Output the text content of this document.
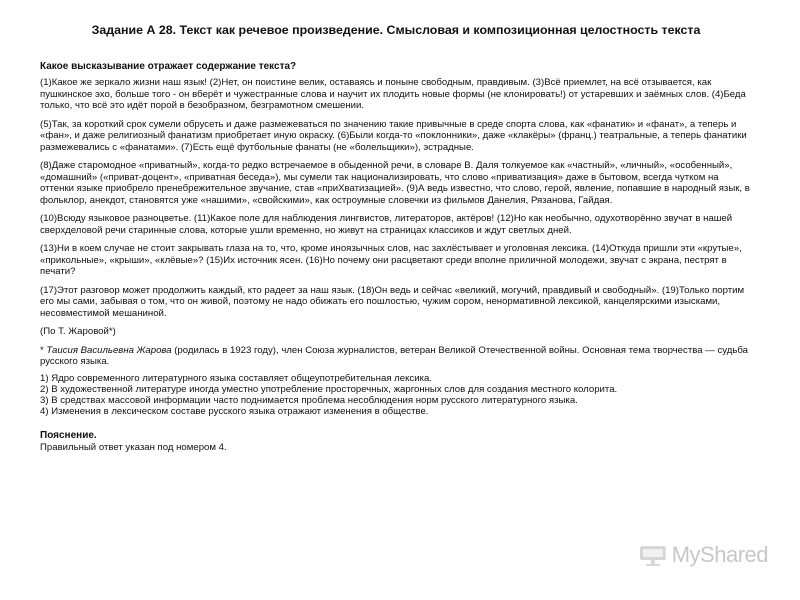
Задание А 28. Текст как речевое произведение. Смысловая и композиционная целостность текста
Какое высказывание отражает содержание текста?
(1)Какое же зеркало жизни наш язык! (2)Нет, он поистине велик, оставаясь и поныне свободным, правдивым. (3)Всё приемлет, на всё отзывается, как пушкинское эхо, больше того - он вберёт и чужестранные слова и научит их плодить новые формы (не клонировать!) от устаревших и заёмных слов. (4)Беда только, что всё это идёт порой в безобразном, безграмотном смешении.
(5)Так, за короткий срок сумели обрусеть и даже размежеваться по значению такие привычные в среде спорта слова, как «фанатик» и «фанат», а теперь и «фан», и даже религиозный фанатизм приобретает иную окраску. (6)Были когда-то «поклонники», даже «клакёры» (франц.) театральные, а теперь фанатики размежевались с «фанатами». (7)Есть ещё футбольные фанаты (не «болельщики»), эстрадные.
(8)Даже старомодное «приватный», когда-то редко встречаемое в обыденной речи, в словаре В. Даля толкуемое как «частный», «личный», «особенный», «домашний» («приват-доцент», «приватная беседа»), мы сумели так национализировать, что слово «приватизация» даже в бытовом, всегда чутком на оттенки языке приобрело пренебрежительное звучание, став «приХватизацией». (9)А ведь известно, что слово, герой, явление, попавшие в народный язык, в фольклор, анекдот, становятся уже «нашими», «свойскими», как остроумные словечки из фильмов Данелия, Рязанова, Гайдая.
(10)Всюду языковое разноцветье. (11)Какое поле для наблюдения лингвистов, литераторов, актёров! (12)Но как необычно, одухотворённо звучат в нашей сверхделовой речи старинные слова, которые ушли временно, но живут на страницах классиков и ждут светлых дней.
(13)Ни в коем случае не стоит закрывать глаза на то, что, кроме иноязычных слов, нас захлёстывает и уголовная лексика. (14)Откуда пришли эти «крутые», «прикольные», «крыши», «клёвые»? (15)Их источник ясен. (16)Но почему они расцветают среди вполне приличной молодежи, звучат с экрана, пестрят в печати?
(17)Этот разговор может продолжить каждый, кто радеет за наш язык. (18)Он ведь и сейчас «великий, могучий, правдивый и свободный». (19)Только портим его мы сами, забывая о том, что он живой, поэтому не надо обижать его пошлостью, чужим сором, ненормативной лексикой, канцелярскими изысками, несовместимой мешаниной.
(По Т. Жаровой*)
* Таисия Васильевна Жарова (родилась в 1923 году), член Союза журналистов, ветеран Великой Отечественной войны. Основная тема творчества — судьба русского языка.
1) Ядро современного литературного языка составляет общеупотребительная лексика.
2) В художественной литературе иногда уместно употребление просторечных, жаргонных слов для создания местного колорита.
3) В средствах массовой информации часто поднимается проблема несоблюдения норм русского литературного языка.
4) Изменения в лексическом составе русского языка отражают изменения в обществе.
Пояснение.
Правильный ответ указан под номером 4.
MyShared
